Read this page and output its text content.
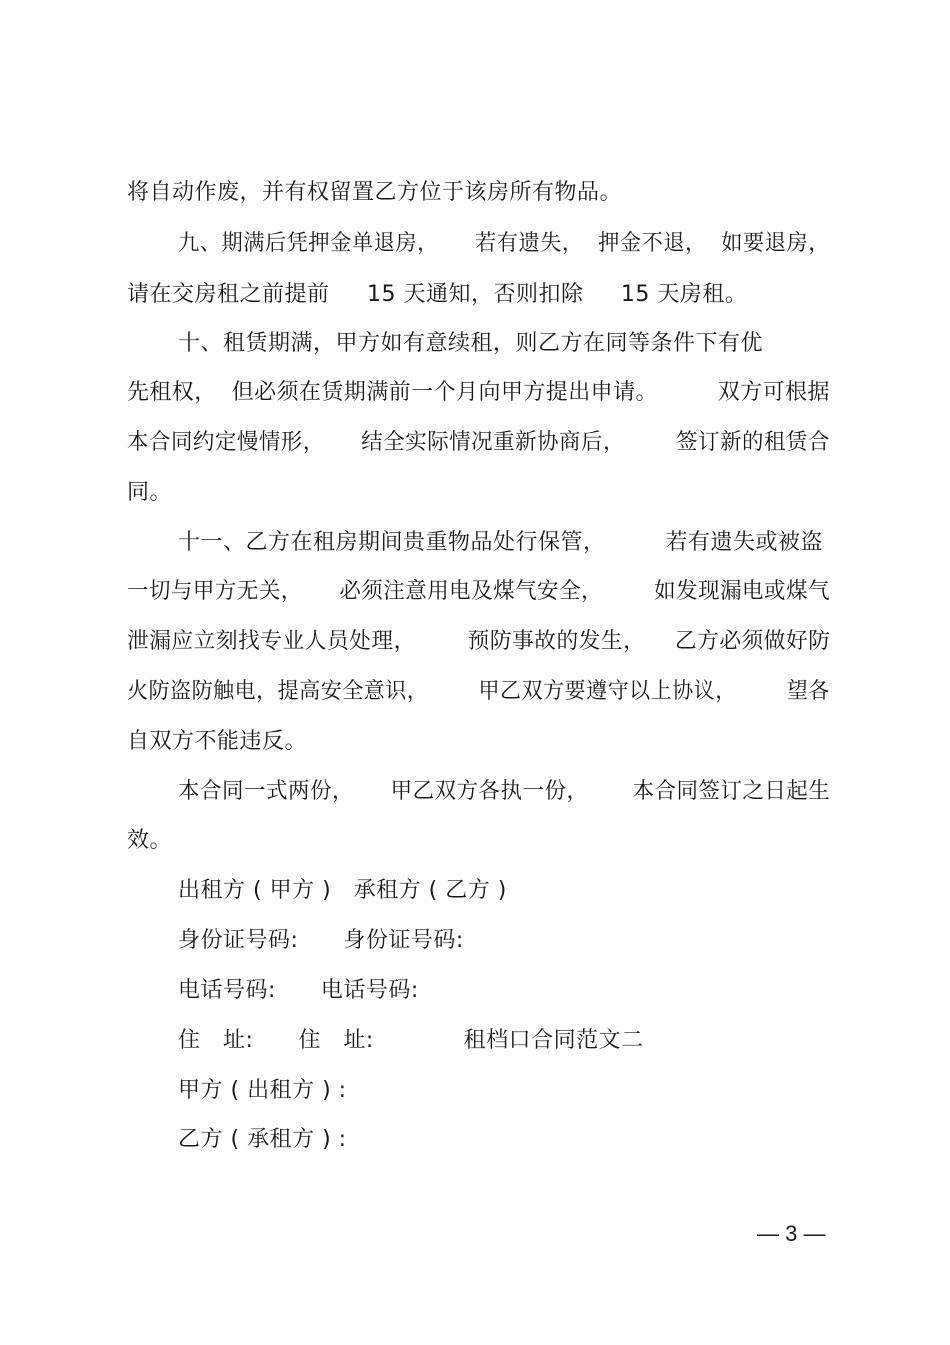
将自动作废，并有权留置乙方位于该房所有物品。
九、期满后凭押金单退房，     若有遗失，  押金不退，  如要退房，
请在交房租之前提前     15 天通知，否则扣除     15 天房租。
十、租赁期满，甲方如有意续租，则乙方在同等条件下有优
先租权，  但必须在赁期满前一个月向甲方提出申请。        双方可根据
本合同约定慢情形，     结全实际情况重新协商后，       签订新的租赁合
同。
十一、乙方在租房期间贵重物品处行保管，        若有遗失或被盗
一切与甲方无关，     必须注意用电及煤气安全，       如发现漏电或煤气
泄漏应立刻找专业人员处理，       预防事故的发生，    乙方必须做好防
火防盗防触电，提高安全意识，       甲乙双方要遵守以上协议，       望各
自双方不能违反。
本合同一式两份，     甲乙双方各执一份，      本合同签订之日起生
效。
出租方 ( 甲方 )   承租方 ( 乙方 )
身份证号码:      身份证号码:
电话号码:      电话号码:
住   址:      住   址:            租档口合同范文二
甲方 ( 出租方 ) :
乙方 ( 承租方 ) :
— 3 —
